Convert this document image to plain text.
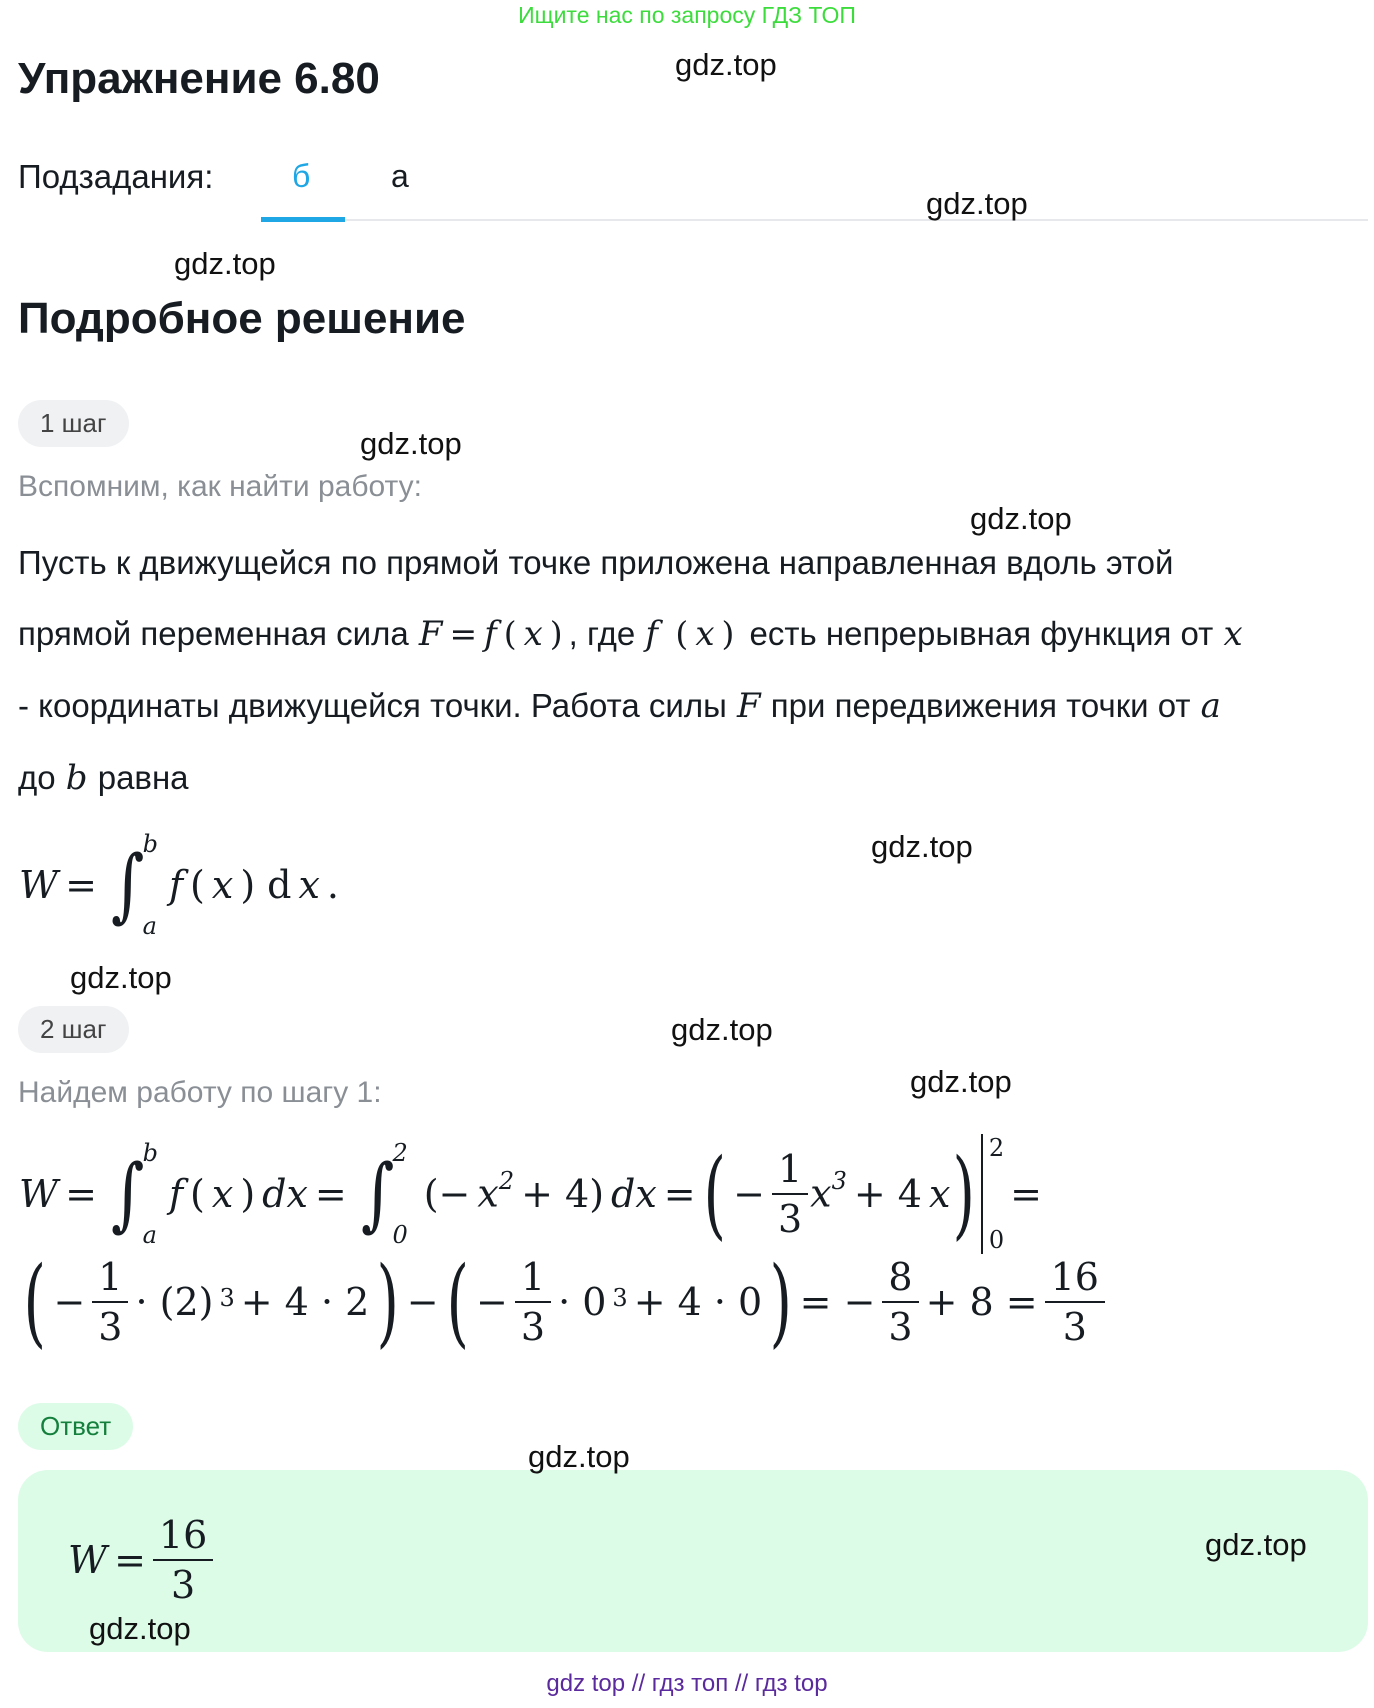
Ищите нас по запросу ГДЗ ТОП
Упражнение 6.80
Подзадания: б	а
Подробное решение
1 шаг
Вспомним, как найти работу:
Пусть к движущейся по прямой точке приложена направленная вдоль этой
прямой переменная сила F = f ( x ) , где f ( x ) есть непрерывная функция от x
- координаты движущейся точки. Работа силы F при передвижения точки от a
до b равна
W = ∫
b
a
f ( x ) d x .
2 шаг
Найдем работу по шагу 1:
W = ∫
b
a
f ( x ) dx = ∫
2
0
(− $x^2 + 4$) dx = ( − $\frac{1}{3} x^3 + 4$ x ) 2
0
=
( − $\frac{1}{3} \cdot (2) 3 + 4 \cdot 2$ ) − ( − $\frac{1}{3} \cdot 0$ 3 + 4 · 0 ) = − $\frac{8}{3} + 8 = \frac{16}{3}$
Ответ
$W = \frac{16}{3}$
gdz.top
gdz.top
gdz.top
gdz.top
gdz.top
gdz.top
gdz.top
gdz.top
gdz.top
gdz.top
gdz.top
gdz.top
gdz top // гдз топ // гдз top
